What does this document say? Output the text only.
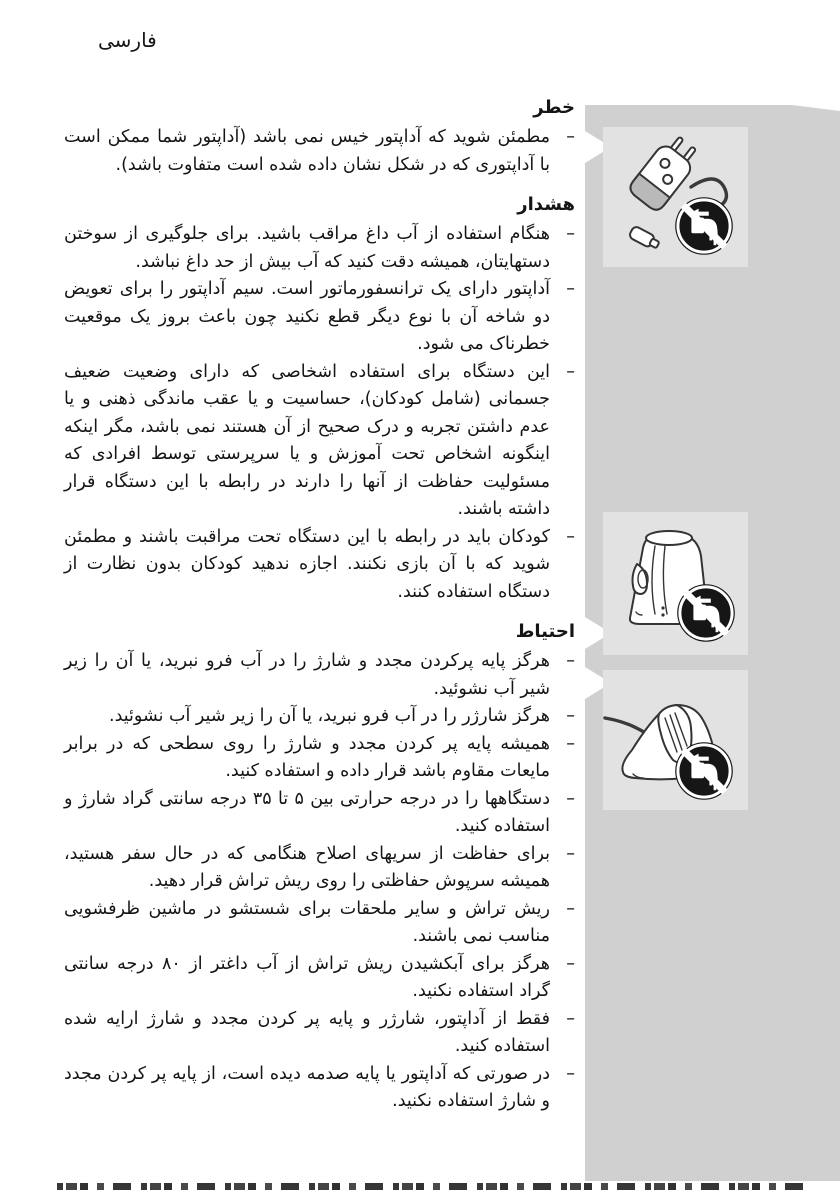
فارسی
خطر
–

مطمئن شوید که آداپتور خیس نمی باشد (آداپتور شما ممکن است با آداپتوری که در شکل نشان داده شده است متفاوت باشد).

هشدار
–

هنگام استفاده از آب داغ مراقب باشید. برای جلوگیری از سوختن دستهایتان، همیشه دقت کنید که آب بیش از حد داغ نباشد.

–

آداپتور دارای یک ترانسفورماتور است. سیم آداپتور را برای تعویض دو شاخه آن با نوع دیگر قطع نکنید چون باعث بروز یک موقعیت خطرناک می شود.

–

این دستگاه برای استفاده اشخاصی که دارای وضعیت ضعیف جسمانی (شامل کودکان)، حساسیت و یا عقب ماندگی ذهنی و یا عدم داشتن تجربه و درک صحیح از آن هستند نمی باشد، مگر اینکه اینگونه اشخاص تحت آموزش و یا سرپرستی توسط افرادی که مسئولیت حفاظت از آنها را دارند در رابطه با این دستگاه قرار داشته باشند.

–

کودکان باید در رابطه با این دستگاه تحت مراقبت باشند و مطمئن شوید که با آن بازی نکنند. اجازه ندهید کودکان بدون نظارت از دستگاه استفاده کنند.

احتیاط
–

هرگز پایه پرکردن مجدد و شارژ را در آب فرو نبرید، یا آن را زیر شیر آب نشوئید.

–

هرگز شارژر را در آب فرو نبرید، یا آن را زیر شیر آب نشوئید.

–

همیشه پایه پر کردن مجدد و شارژ را روی سطحی که در برابر مایعات مقاوم باشد قرار داده و استفاده کنید.

–

دستگاهها را در درجه حرارتی بین ۵ تا ۳۵ درجه سانتی گراد شارژ و استفاده کنید.

–

برای حفاظت از سریهای اصلاح هنگامی که در حال سفر هستید، همیشه سرپوش حفاظتی را روی ریش تراش قرار دهید.

–

ریش تراش و سایر ملحقات برای شستشو در ماشین ظرفشویی مناسب نمی باشند.

–

هرگز برای آبکشیدن ریش تراش از آب داغتر از ۸۰ درجه سانتی گراد استفاده نکنید.

–

فقط از آداپتور، شارژر و پایه پر کردن مجدد و شارژ ارایه شده استفاده کنید.

–

در صورتی که آداپتور یا پایه صدمه دیده است، از پایه پر کردن مجدد و شارژ استفاده نکنید.
